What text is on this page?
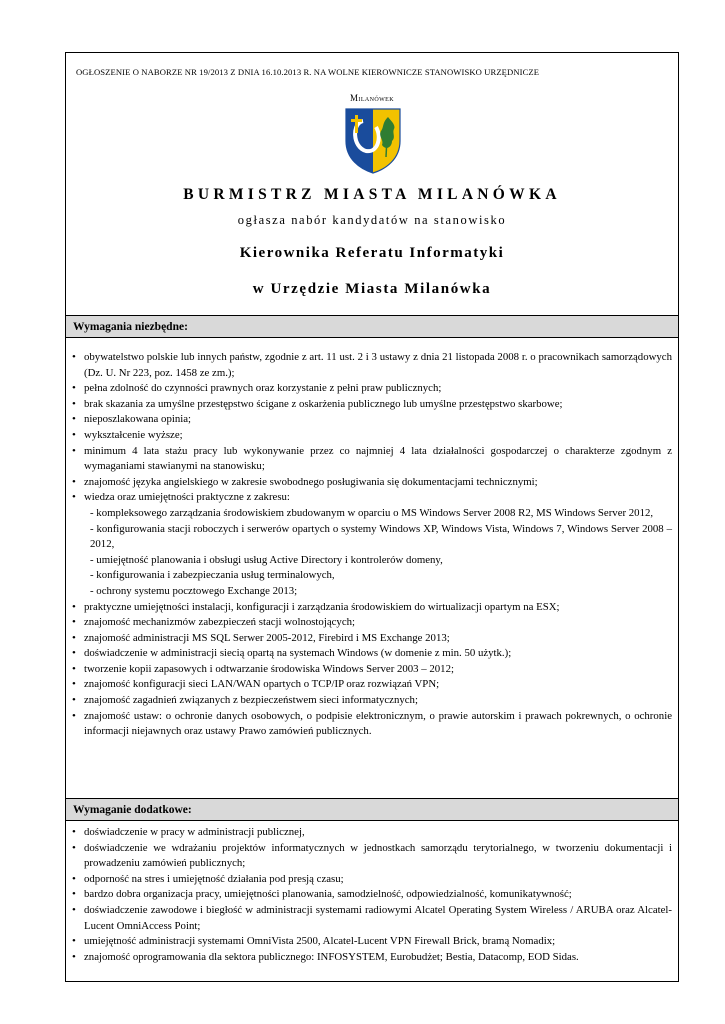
OGŁOSZENIE O NABORZE NR 19/2013 Z DNIA 16.10.2013 R. NA WOLNE KIEROWNICZE STANOWISKO URZĘDNICZE
Milanówek
BURMISTRZ MIASTA MILANÓWKA
ogłasza nabór kandydatów na stanowisko
Kierownika Referatu Informatyki
w Urzędzie Miasta Milanówka
Wymagania niezbędne:
• obywatelstwo polskie lub innych państw, zgodnie z art. 11 ust. 2 i 3 ustawy z dnia 21 listopada 2008 r. o pracownikach samorządowych (Dz. U. Nr 223, poz. 1458 ze zm.);
• pełna zdolność do czynności prawnych oraz korzystanie z pełni praw publicznych;
• brak skazania za umyślne przestępstwo ścigane z oskarżenia publicznego lub umyślne przestępstwo skarbowe;
• nieposzlakowana opinia;
• wykształcenie wyższe;
• minimum 4 lata stażu pracy lub wykonywanie przez co najmniej 4 lata działalności gospodarczej o charakterze zgodnym z wymaganiami stawianymi na stanowisku;
• znajomość języka angielskiego w zakresie swobodnego posługiwania się dokumentacjami technicznymi;
• wiedza oraz umiejętności praktyczne z zakresu:
- kompleksowego zarządzania środowiskiem zbudowanym w oparciu o MS Windows Server 2008 R2, MS Windows Server 2012,
- konfigurowania stacji roboczych i serwerów opartych o systemy Windows XP, Windows Vista, Windows 7, Windows Server 2008 – 2012,
- umiejętność planowania i obsługi usług Active Directory i kontrolerów domeny,
- konfigurowania i zabezpieczania usług terminalowych,
- ochrony systemu pocztowego Exchange 2013;
• praktyczne umiejętności instalacji, konfiguracji i zarządzania środowiskiem do wirtualizacji opartym na ESX;
• znajomość mechanizmów zabezpieczeń stacji wolnostojących;
• znajomość administracji MS SQL Serwer 2005-2012, Firebird i MS Exchange 2013;
• doświadczenie w administracji siecią opartą na systemach Windows (w domenie z min. 50 użytk.);
• tworzenie kopii zapasowych i odtwarzanie środowiska Windows Server 2003 – 2012;
• znajomość konfiguracji sieci LAN/WAN opartych o TCP/IP oraz rozwiązań VPN;
• znajomość zagadnień związanych z bezpieczeństwem sieci informatycznych;
• znajomość ustaw: o ochronie danych osobowych, o podpisie elektronicznym, o prawie autorskim i prawach pokrewnych, o ochronie informacji niejawnych oraz ustawy Prawo zamówień publicznych.
Wymaganie dodatkowe:
• doświadczenie w pracy w administracji publicznej,
• doświadczenie we wdrażaniu projektów informatycznych w jednostkach samorządu terytorialnego, w tworzeniu dokumentacji i prowadzeniu zamówień publicznych;
• odporność na stres i umiejętność działania pod presją czasu;
• bardzo dobra organizacja pracy, umiejętności planowania, samodzielność, odpowiedzialność, komunikatywność;
• doświadczenie zawodowe i biegłość w administracji systemami radiowymi Alcatel Operating System Wireless / ARUBA oraz Alcatel-Lucent OmniAccess Point;
• umiejętność administracji systemami OmniVista 2500, Alcatel-Lucent VPN Firewall Brick, bramą Nomadix;
• znajomość oprogramowania dla sektora publicznego: INFOSYSTEM, Eurobudżet; Bestia, Datacomp, EOD Sidas.
